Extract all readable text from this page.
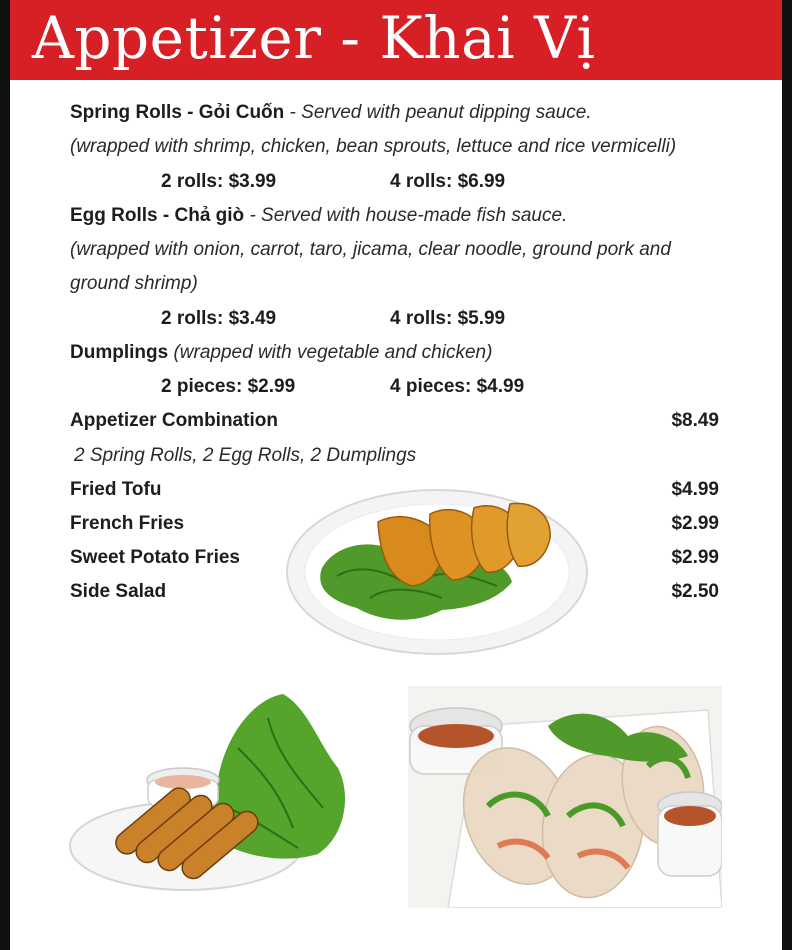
Appetizer - Khai Vị
Spring Rolls - Gỏi Cuốn - Served with peanut dipping sauce.
(wrapped with shrimp, chicken, bean sprouts, lettuce and rice vermicelli)
2 rolls: $3.99	4 rolls: $6.99
Egg Rolls - Chả giò - Served with house-made fish sauce.
(wrapped with onion, carrot, taro, jicama, clear noodle, ground pork and
ground shrimp)
2 rolls: $3.49	4 rolls: $5.99
Dumplings (wrapped with vegetable and chicken)
2 pieces: $2.99	4 pieces: $4.99
Appetizer Combination	$8.49
2 Spring Rolls, 2 Egg Rolls, 2 Dumplings
Fried Tofu	$4.99
French Fries	$2.99
Sweet Potato Fries	$2.99
Side Salad	$2.50
